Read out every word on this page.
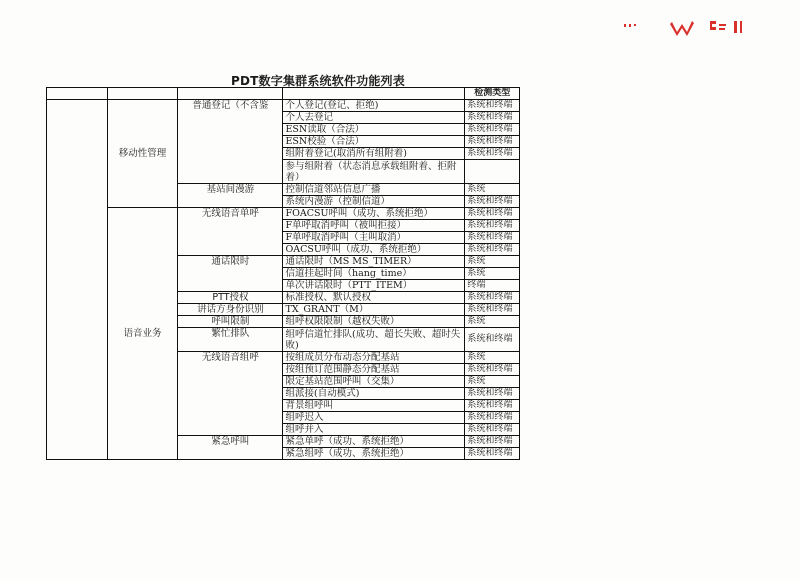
PDT数字集群系统软件功能列表
				检测类型
	移动性管理	普通登记（不含鉴	个人登记(登记、拒绝)	系统和终端
			个人去登记	系统和终端
			ESN读取（合法）	系统和终端
			ESN校验（合法）	系统和终端
			组附着登记(取消所有组附着)	系统和终端
			参与组附着（状态消息承载组附着、拒附着）	
		基站间漫游	控制信道邻站信息广播	系统
			系统内漫游（控制信道）	系统和终端
	语音业务	无线语音单呼	FOACSU呼叫（成功、系统拒绝）	系统和终端
			F单呼取消呼叫（被叫拒接）	系统和终端
			F单呼取消呼叫（主叫取消）	系统和终端
			OACSU呼叫（成功、系统拒绝）	系统和终端
		通话限时	通话限时（MS MS_TIMER）	系统
			信道挂起时间（hang_time）	系统
			单次讲话限时（PTT_ITEM）	终端
		PTT授权	标准授权、默认授权	系统和终端
		讲话方身份识别	TX_GRANT（M）	系统和终端
		呼叫限制	组呼权限限制（越权失败）	系统
		繁忙排队	组呼信道忙排队(成功、超长失败、超时失败)	系统和终端
		无线语音组呼	按组成员分布动态分配基站	系统
			按组预订范围静态分配基站	系统和终端
			限定基站范围呼叫（交集）	系统
			组派接(自动模式)	系统和终端
			背景组呼叫	系统和终端
			组呼迟入	系统和终端
			组呼并入	系统和终端
		紧急呼叫	紧急单呼（成功、系统拒绝）	系统和终端
			紧急组呼（成功、系统拒绝）	系统和终端
